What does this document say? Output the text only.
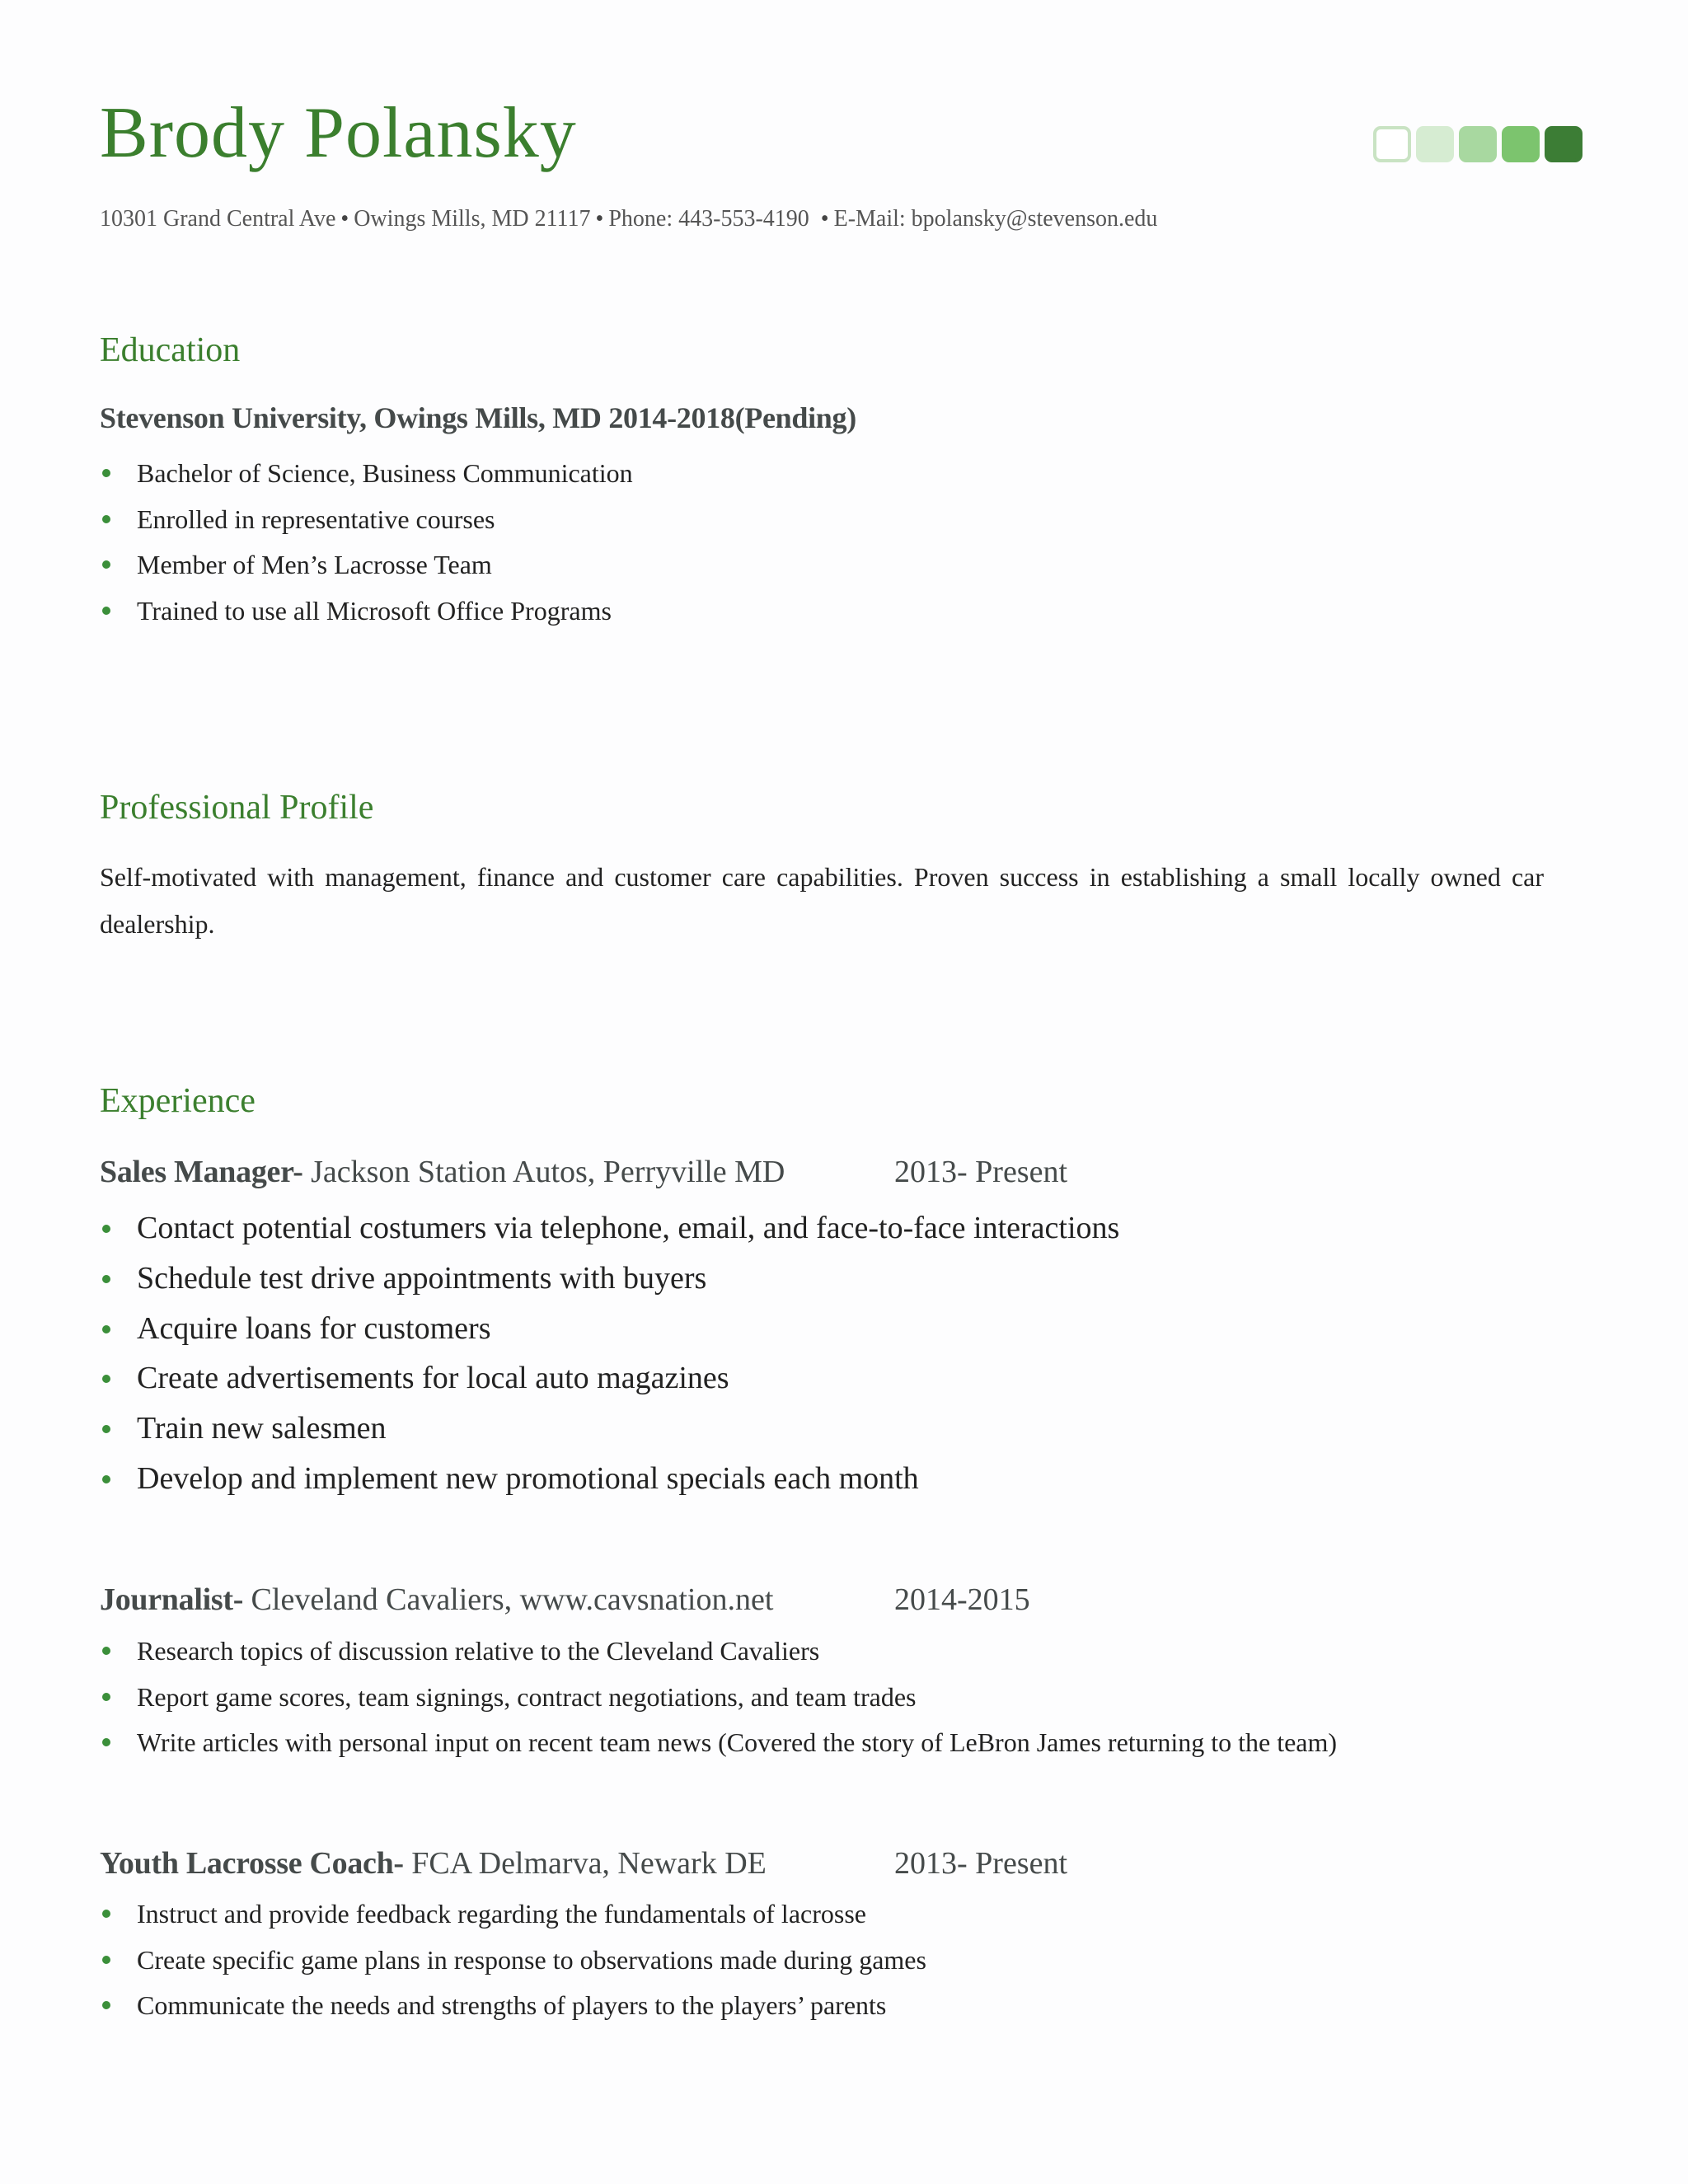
Brody Polansky
10301 Grand Central Ave • Owings Mills, MD 21117 • Phone: 443-553-4190 • E-Mail: bpolansky@stevenson.edu
Education
Stevenson University, Owings Mills, MD 2014-2018(Pending)
Bachelor of Science, Business Communication
Enrolled in representative courses
Member of Men’s Lacrosse Team
Trained to use all Microsoft Office Programs
Professional Profile
Self-motivated with management, finance and customer care capabilities. Proven success in establishing a small locally owned car dealership.
Experience
Sales Manager- Jackson Station Autos, Perryville MD	2013- Present
Contact potential costumers via telephone, email, and face-to-face interactions
Schedule test drive appointments with buyers
Acquire loans for customers
Create advertisements for local auto magazines
Train new salesmen
Develop and implement new promotional specials each month
Journalist- Cleveland Cavaliers, www.cavsnation.net	2014-2015
Research topics of discussion relative to the Cleveland Cavaliers
Report game scores, team signings, contract negotiations, and team trades
Write articles with personal input on recent team news (Covered the story of LeBron James returning to the team)
Youth Lacrosse Coach- FCA Delmarva, Newark DE	2013- Present
Instruct and provide feedback regarding the fundamentals of lacrosse
Create specific game plans in response to observations made during games
Communicate the needs and strengths of players to the players’ parents
